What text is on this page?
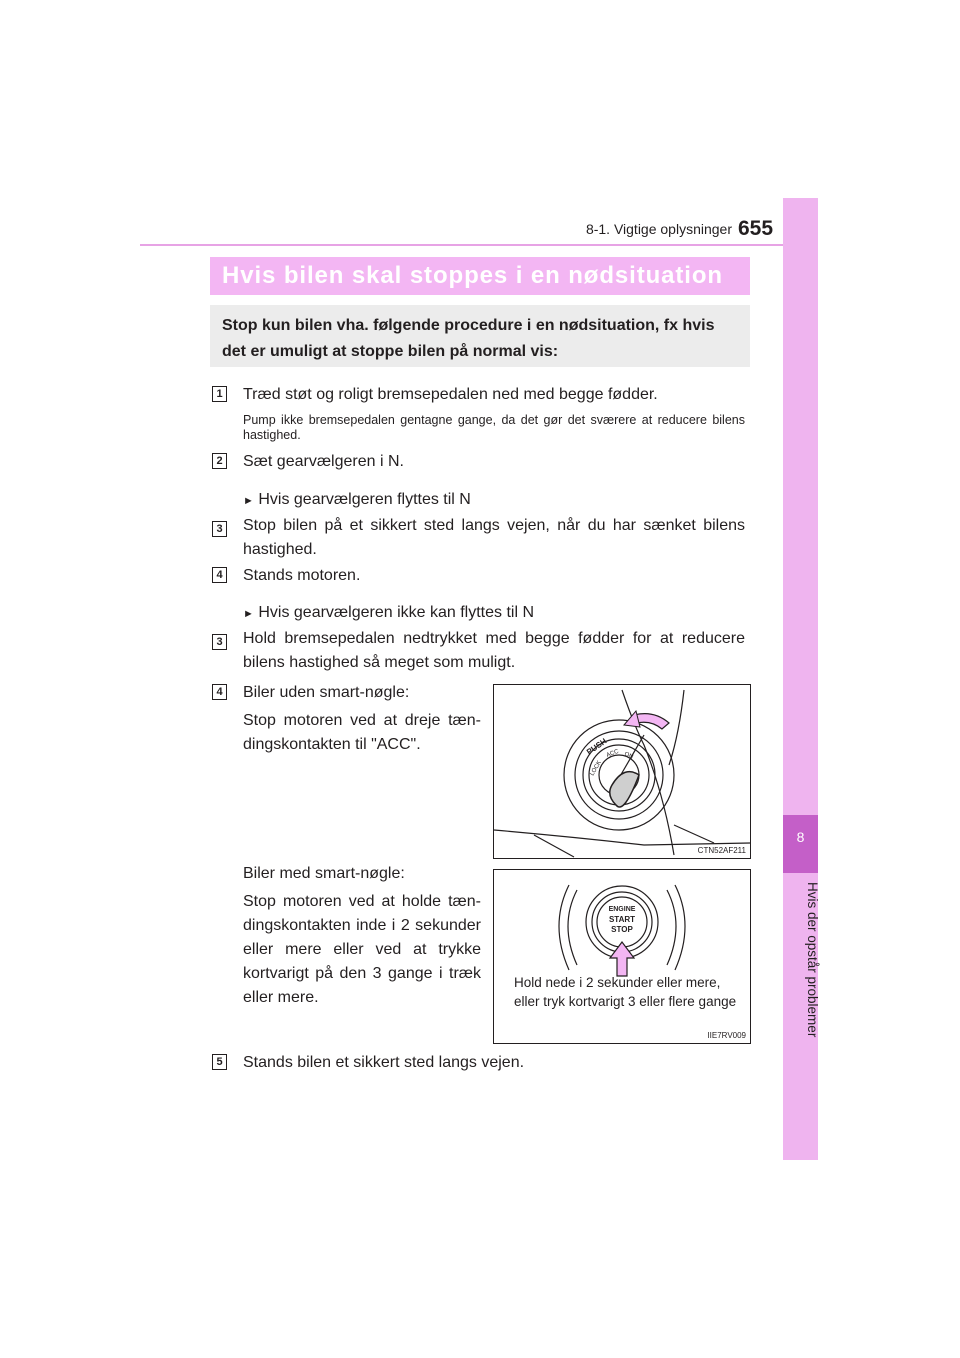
655
8-1. Vigtige oplysninger
8
Hvis der opstår problemer
Hvis bilen skal stoppes i en nødsituation
Stop kun bilen vha. følgende procedure i en nødsituation, fx hvis det er umuligt at stoppe bilen på normal vis:
1 Træd støt og roligt bremsepedalen ned med begge fødder.
Pump ikke bremsepedalen gentagne gange, da det gør det sværere at reducere bilens hastighed.
2 Sæt gearvælgeren i N.
► Hvis gearvælgeren flyttes til N
3 Stop bilen på et sikkert sted langs vejen, når du har sænket bilens hastighed.
4 Stands motoren.
► Hvis gearvælgeren ikke kan flyttes til N
3 Hold bremsepedalen nedtrykket med begge fødder for at reducere bilens hastighed så meget som muligt.
4 Biler uden smart-nøgle:
Stop motoren ved at dreje tændingskontakten til "ACC".
Biler med smart-nøgle:
Stop motoren ved at holde tændingskontakten inde i 2 sekunder eller mere eller ved at trykke kortvarigt på den 3 gange i træk eller mere.
5 Stands bilen et sikkert sted langs vejen.
PUSH
LOCK
ACC ON
CTN52AF211
ENGINE
START
STOP
Hold nede i 2 sekunder eller mere, eller tryk kortvarigt 3 eller flere gange
IIE7RV009
